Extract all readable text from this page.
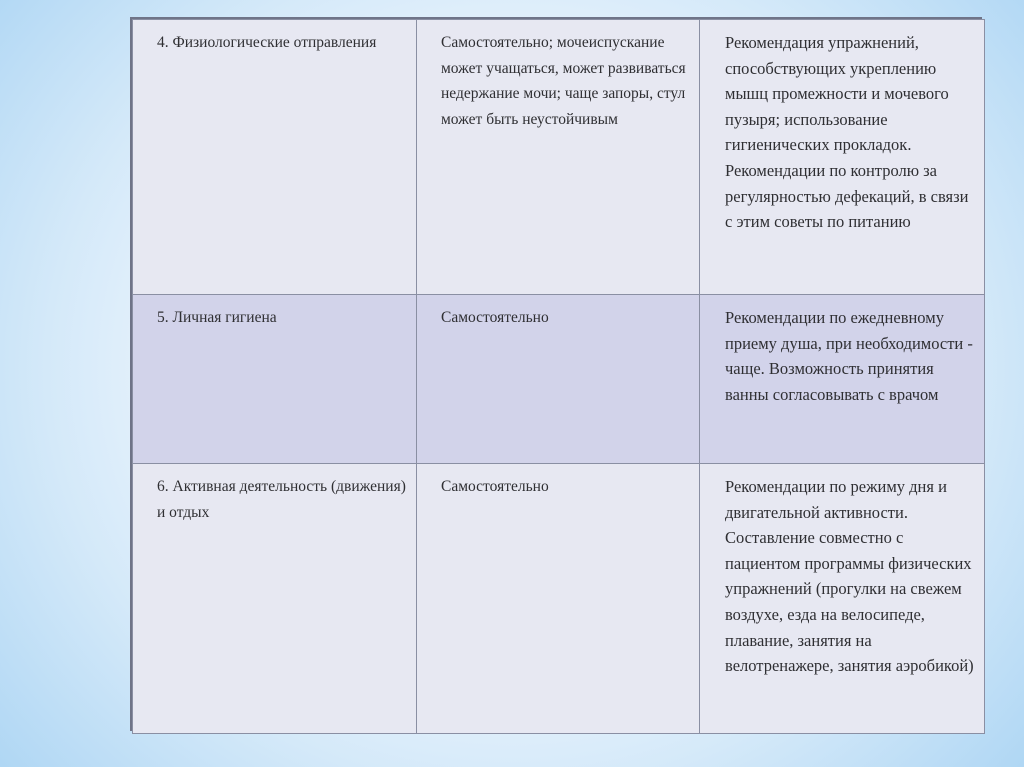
4. Физиологические отправления	Самостоятельно; мочеиспускание может учащаться, может развиваться недержание мочи; чаще запоры, стул может быть неустойчивым	Рекомендация упражнений, способствующих укреплению мышц промежности и мочевого пузыря; использование гигиенических прокладок. Рекомендации по контролю за регулярностью дефекаций, в связи с этим советы по питанию

5. Личная гигиена	Самостоятельно	Рекомендации по ежедневному приему душа, при необходимости - чаще. Возможность принятия ванны согласовывать с врачом

6. Активная деятельность (движения) и отдых	Самостоятельно	Рекомендации по режиму дня и двигательной активности. Составление совместно с пациентом программы физических упражнений (прогулки на свежем воздухе, езда на велосипеде, плавание, занятия на велотренажере, занятия аэробикой)
